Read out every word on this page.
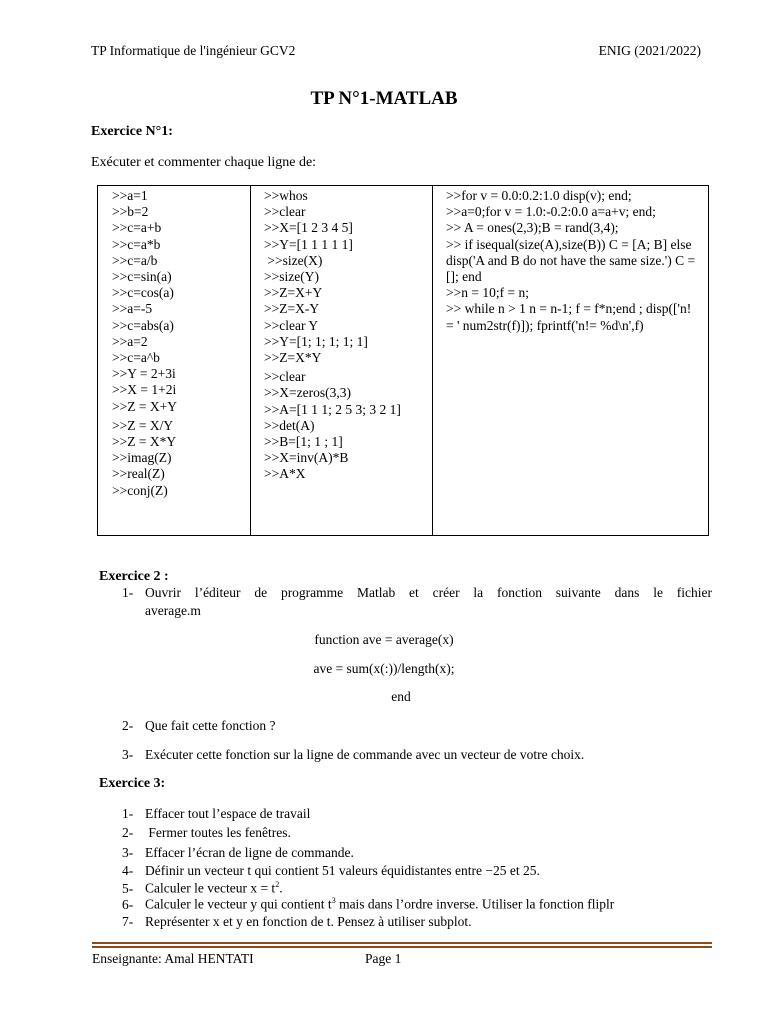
TP Informatique de l'ingénieur GCV2	ENIG (2021/2022)
TP N°1-MATLAB
Exercice N°1:
Exécuter et commenter chaque ligne de:
>>a=1
>>b=2
>>c=a+b
>>c=a*b
>>c=a/b
>>c=sin(a)
>>c=cos(a)
>>a=-5
>>c=abs(a)
>>a=2
>>c=a^b
>>Y = 2+3i
>>X = 1+2i
>>Z = X+Y
>>Z = X/Y
>>Z = X*Y
>>imag(Z)
>>real(Z)
>>conj(Z)

>>whos
>>clear
>>X=[1 2 3 4 5]
>>Y=[1 1 1 1 1]
>>size(X)
>>size(Y)
>>Z=X+Y
>>Z=X-Y
>>clear Y
>>Y=[1; 1; 1; 1; 1]
>>Z=X*Y
>>clear
>>X=zeros(3,3)
>>A=[1 1 1; 2 5 3; 3 2 1]
>>det(A)
>>B=[1; 1 ; 1]
>>X=inv(A)*B
>>A*X

>>for v = 0.0:0.2:1.0 disp(v); end;
>>a=0;for v = 1.0:-0.2:0.0 a=a+v; end;
>> A = ones(2,3);B = rand(3,4);
>> if isequal(size(A),size(B)) C = [A; B] else disp('A and B do not have the same size.') C = []; end
>>n = 10;f = n;
>> while n > 1 n = n-1; f = f*n;end ; disp(['n! = ' num2str(f)]); fprintf('n!= %d\n',f)
Exercice 2 :
1- Ouvrir l’éditeur de programme Matlab et créer la fonction suivante dans le fichier
average.m
function ave = average(x)
ave = sum(x(:))/length(x);
end
2- Que fait cette fonction ?
3- Exécuter cette fonction sur la ligne de commande avec un vecteur de votre choix.
Exercice 3:
1- Effacer tout l’espace de travail
2- Fermer toutes les fenêtres.
3- Effacer l’écran de ligne de commande.
4- Définir un vecteur t qui contient 51 valeurs équidistantes entre −25 et 25.
5- Calculer le vecteur $x = t^2$.
6- Calculer le vecteur y qui contient $t^3$ mais dans l’ordre inverse. Utiliser la fonction fliplr
7- Représenter x et y en fonction de t. Pensez à utiliser subplot.
Enseignante: Amal HENTATI	Page 1
